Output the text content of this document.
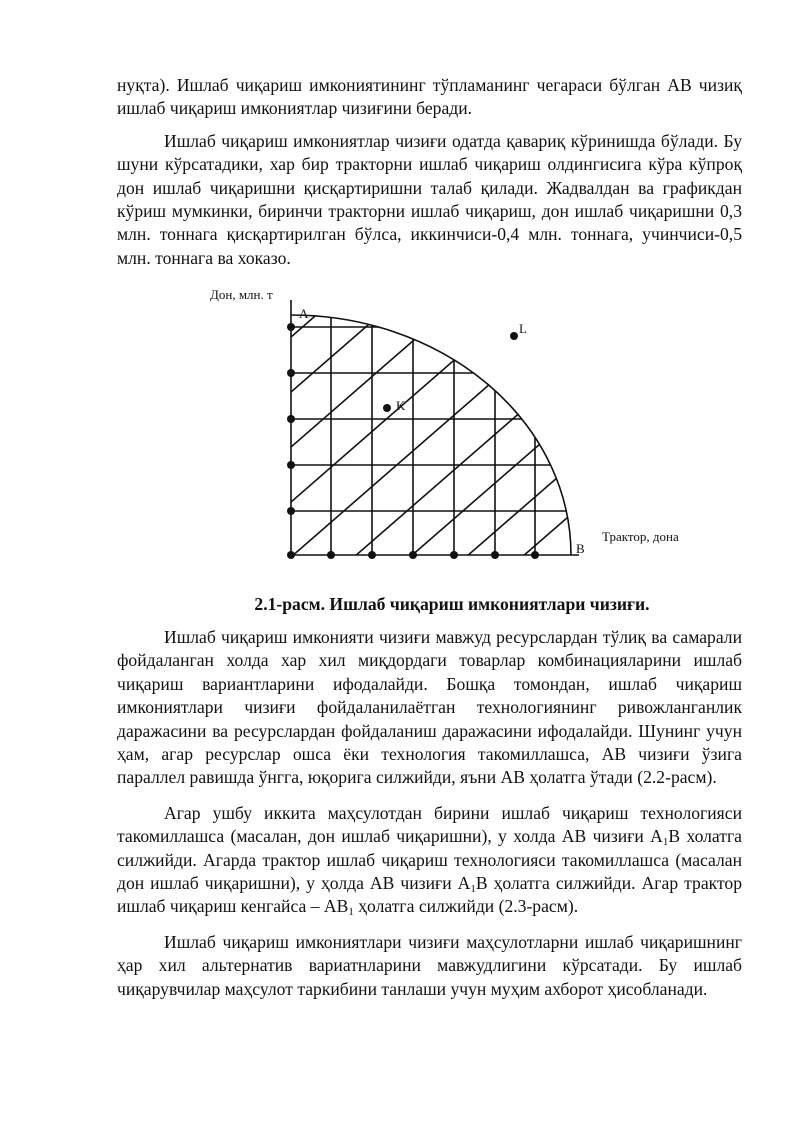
нуқта). Ишлаб чиқариш имкониятининг тўпламанинг чегараси бўлган АВ чизиқ ишлаб чиқариш имкониятлар чизиғини беради.

Ишлаб чиқариш имкониятлар чизиғи одатда қавариқ кўринишда бўлади. Бу шуни кўрсатадики, хар бир тракторни ишлаб чиқариш олдингисига кўра кўпроқ дон ишлаб чиқаришни қисқартиришни талаб қилади. Жадвалдан ва графикдан кўриш мумкинки, биринчи тракторни ишлаб чиқариш, дон ишлаб чиқаришни 0,3 млн. тоннага қисқартирилган бўлса, иккинчиси-0,4 млн. тоннага, учинчиси-0,5 млн. тоннага ва хоказо.

Дон, млн. т
Трактор, дона
A
B
K
L
2.1-расм. Ишлаб чиқариш имкониятлари чизиғи.

Ишлаб чиқариш имконияти чизиғи мавжуд ресурслардан тўлиқ ва самарали фойдаланган холда хар хил миқдордаги товарлар комбинацияларини ишлаб чиқариш вариантларини ифодалайди. Бошқа томондан, ишлаб чиқариш имкониятлари чизиғи фойдаланилаётган технологиянинг ривожланганлик даражасини ва ресурслардан фойдаланиш даражасини ифодалайди. Шунинг учун ҳам, агар ресурслар ошса ёки технология такомиллашса, АВ чизиғи ўзига параллел равишда ўнгга, юқорига силжийди, яъни АВ ҳолатга ўтади (2.2-расм).

Агар ушбу иккита маҳсулотдан бирини ишлаб чиқариш технологияси такомиллашса (масалан, дон ишлаб чиқаришни), у холда АВ чизиғи $А_1В$ холатга силжийди. Агарда трактор ишлаб чиқариш технологияси такомиллашса (масалан дон ишлаб чиқаришни), у ҳолда АВ чизиғи $А_1В$ ҳолатга силжийди. Агар трактор ишлаб чиқариш кенгайса – $АВ_1$ ҳолатга силжийди (2.3-расм).

Ишлаб чиқариш имкониятлари чизиғи маҳсулотларни ишлаб чиқаришнинг ҳар хил альтернатив вариатнларини мавжудлигини кўрсатади. Бу ишлаб чиқарувчилар маҳсулот таркибини танлаши учун муҳим ахборот ҳисобланади.
